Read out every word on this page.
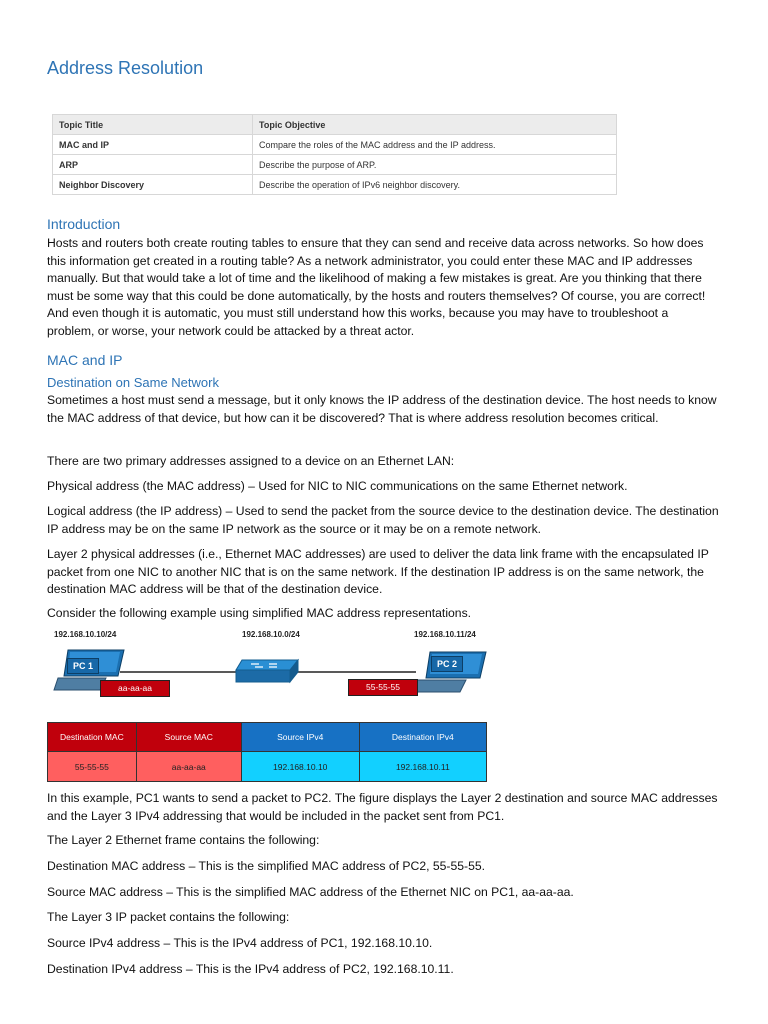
Address Resolution
Topic Title	Topic Objective
MAC and IP	Compare the roles of the MAC address and the IP address.
ARP	Describe the purpose of ARP.
Neighbor Discovery	Describe the operation of IPv6 neighbor discovery.
Introduction

Hosts and routers both create routing tables to ensure that they can send and receive data across networks. So how does this information get created in a routing table? As a network administrator, you could enter these MAC and IP addresses manually. But that would take a lot of time and the likelihood of making a few mistakes is great. Are you thinking that there must be some way that this could be done automatically, by the hosts and routers themselves? Of course, you are correct! And even though it is automatic, you must still understand how this works, because you may have to troubleshoot a problem, or worse, your network could be attacked by a threat actor.

MAC and IP
Destination on Same Network

Sometimes a host must send a message, but it only knows the IP address of the destination device. The host needs to know the MAC address of that device, but how can it be discovered? That is where address resolution becomes critical.

There are two primary addresses assigned to a device on an Ethernet LAN:

Physical address (the MAC address) – Used for NIC to NIC communications on the same Ethernet network.

Logical address (the IP address) – Used to send the packet from the source device to the destination device. The destination IP address may be on the same IP network as the source or it may be on a remote network.

Layer 2 physical addresses (i.e., Ethernet MAC addresses) are used to deliver the data link frame with the encapsulated IP packet from one NIC to another NIC that is on the same network. If the destination IP address is on the same network, the destination MAC address will be that of the destination device.

Consider the following example using simplified MAC address representations.

192.168.10.10/24	192.168.10.0/24	192.168.10.11/24
PC 1	PC 2
aa-aa-aa	55-55-55
Destination MAC	Source MAC	Source IPv4	Destination IPv4
55-55-55	aa-aa-aa	192.168.10.10	192.168.10.11

In this example, PC1 wants to send a packet to PC2. The figure displays the Layer 2 destination and source MAC addresses and the Layer 3 IPv4 addressing that would be included in the packet sent from PC1.

The Layer 2 Ethernet frame contains the following:

Destination MAC address – This is the simplified MAC address of PC2, 55-55-55.

Source MAC address – This is the simplified MAC address of the Ethernet NIC on PC1, aa-aa-aa.

The Layer 3 IP packet contains the following:

Source IPv4 address – This is the IPv4 address of PC1, 192.168.10.10.

Destination IPv4 address – This is the IPv4 address of PC2, 192.168.10.11.
